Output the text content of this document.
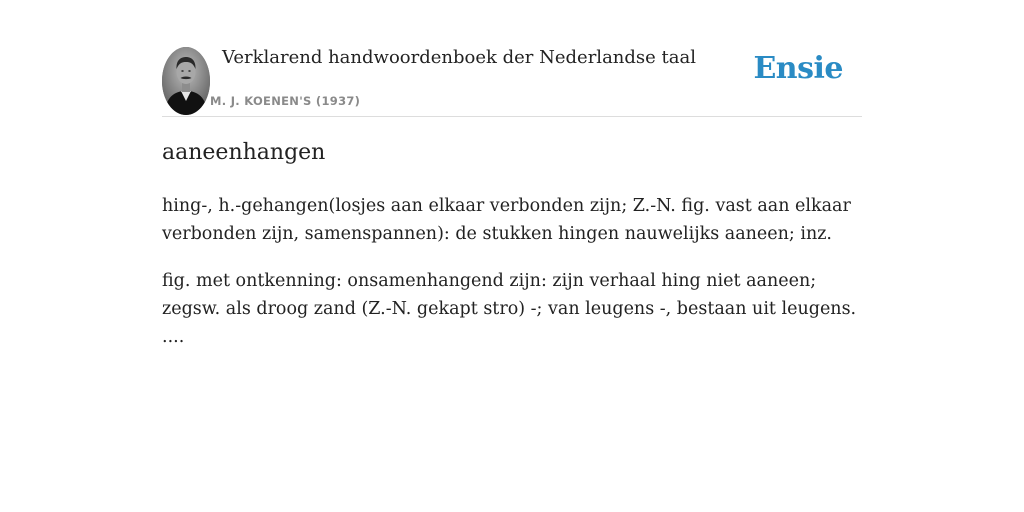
Verklarend handwoordenboek der Nederlandse taal
M. J. KOENEN'S (1937)
Ensie
aaneenhangen

hing-, h.-gehangen(losjes aan elkaar verbonden zijn; Z.-N. fig. vast aan elkaar verbonden zijn, samenspannen): de stukken hingen nauwelijks aaneen; inz.

fig. met ontkenning: onsamenhangend zijn: zijn verhaal hing niet aaneen; zegsw. als droog zand (Z.-N. gekapt stro) -; van leugens -, bestaan uit leugens. ....
